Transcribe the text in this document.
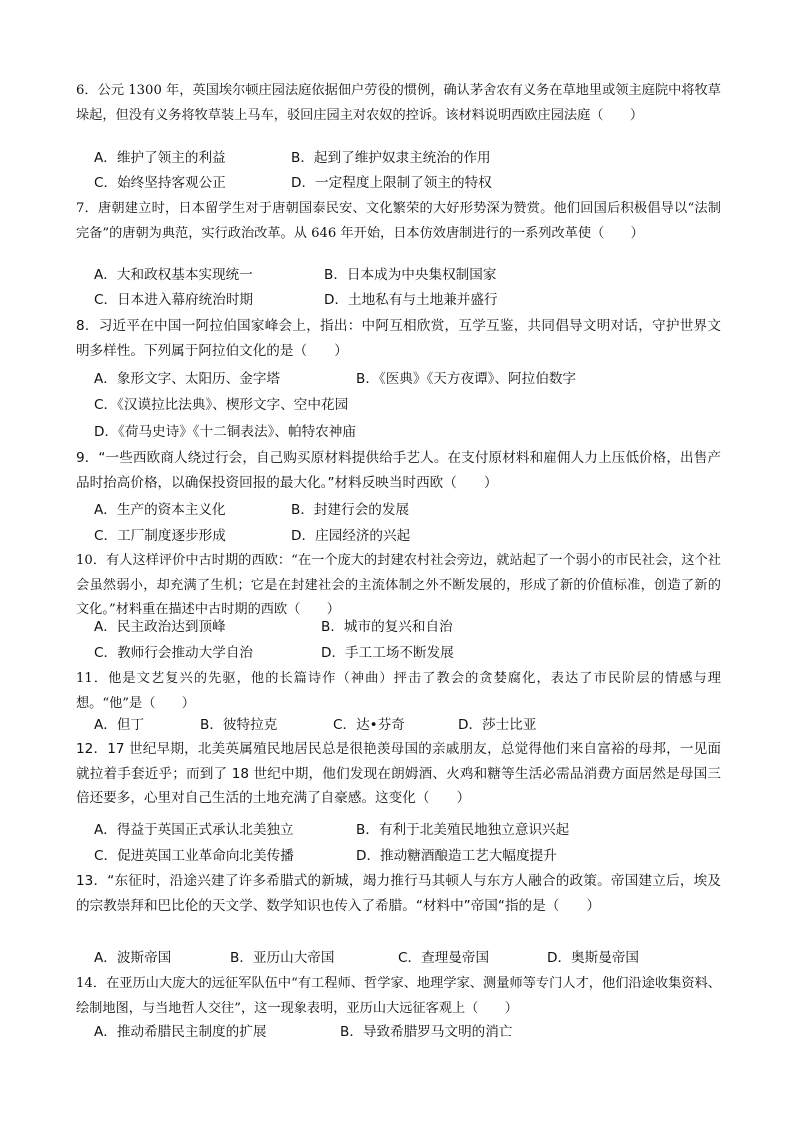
6．公元 1300 年，英国埃尔顿庄园法庭依据佃户劳役的惯例，确认茅舍农有义务在草地里或领主庭院中将牧草垛起，但没有义务将牧草装上马车，驳回庄园主对农奴的控诉。该材料说明西欧庄园法庭（　　）

A．维护了领主的利益	B．起到了维护奴隶主统治的作用
C．始终坚持客观公正	D．一定程度上限制了领主的特权

7．唐朝建立时，日本留学生对于唐朝国泰民安、文化繁荣的大好形势深为赞赏。他们回国后积极倡导以“法制完备”的唐朝为典范，实行政治改革。从 646 年开始，日本仿效唐制进行的一系列改革使（　　）

A．大和政权基本实现统一	B．日本成为中央集权制国家
C．日本进入幕府统治时期	D．土地私有与土地兼并盛行

8．习近平在中国一阿拉伯国家峰会上，指出：中阿互相欣赏，互学互鉴，共同倡导文明对话，守护世界文明多样性。下列属于阿拉伯文化的是（　　）

A．象形文字、太阳历、金字塔	B．《医典》《天方夜谭》、阿拉伯数字
C．《汉谟拉比法典》、楔形文字、空中花园
D．《荷马史诗》《十二铜表法》、帕特农神庙

9．“一些西欧商人绕过行会，自己购买原材料提供给手艺人。在支付原材料和雇佣人力上压低价格，出售产品时抬高价格，以确保投资回报的最大化。”材料反映当时西欧（　　）

A．生产的资本主义化	B．封建行会的发展
C．工厂制度逐步形成	D．庄园经济的兴起

10．有人这样评价中古时期的西欧：“在一个庞大的封建农村社会旁边，就站起了一个弱小的市民社会，这个社会虽然弱小，却充满了生机；它是在封建社会的主流体制之外不断发展的，形成了新的价值标准，创造了新的文化。”材料重在描述中古时期的西欧（　　）

A．民主政治达到顶峰	B．城市的复兴和自治
C．教师行会推动大学自治	D．手工工场不断发展

11．他是文艺复兴的先驱，他的长篇诗作（神曲）抨击了教会的贪婪腐化，表达了市民阶层的情感与理想。“他”是（　　）

A．但丁	B．彼特拉克	C．达•芬奇	D．莎士比亚

12．17 世纪早期，北美英属殖民地居民总是很艳羡母国的亲戚朋友，总觉得他们来自富裕的母邦，一见面就拉着手套近乎；而到了 18 世纪中期，他们发现在朗姆酒、火鸡和糖等生活必需品消费方面居然是母国三倍还要多，心里对自己生活的土地充满了自豪感。这变化（　　）

A．得益于英国正式承认北美独立	B．有利于北美殖民地独立意识兴起
C．促进英国工业革命向北美传播	D．推动糖酒酿造工艺大幅度提升

13．“东征时，沿途兴建了许多希腊式的新城，竭力推行马其顿人与东方人融合的政策。帝国建立后，埃及的宗教崇拜和巴比伦的天文学、数学知识也传入了希腊。“材料中”帝国“指的是（　　）

A．波斯帝国	B．亚历山大帝国	C．查理曼帝国	D．奥斯曼帝国

14．在亚历山大庞大的远征军队伍中“有工程师、哲学家、地理学家、测量师等专门人才，他们沿途收集资料、绘制地图，与当地哲人交往”，这一现象表明，亚历山大远征客观上（　　）

A．推动希腊民主制度的扩展	B．导致希腊罗马文明的消亡
